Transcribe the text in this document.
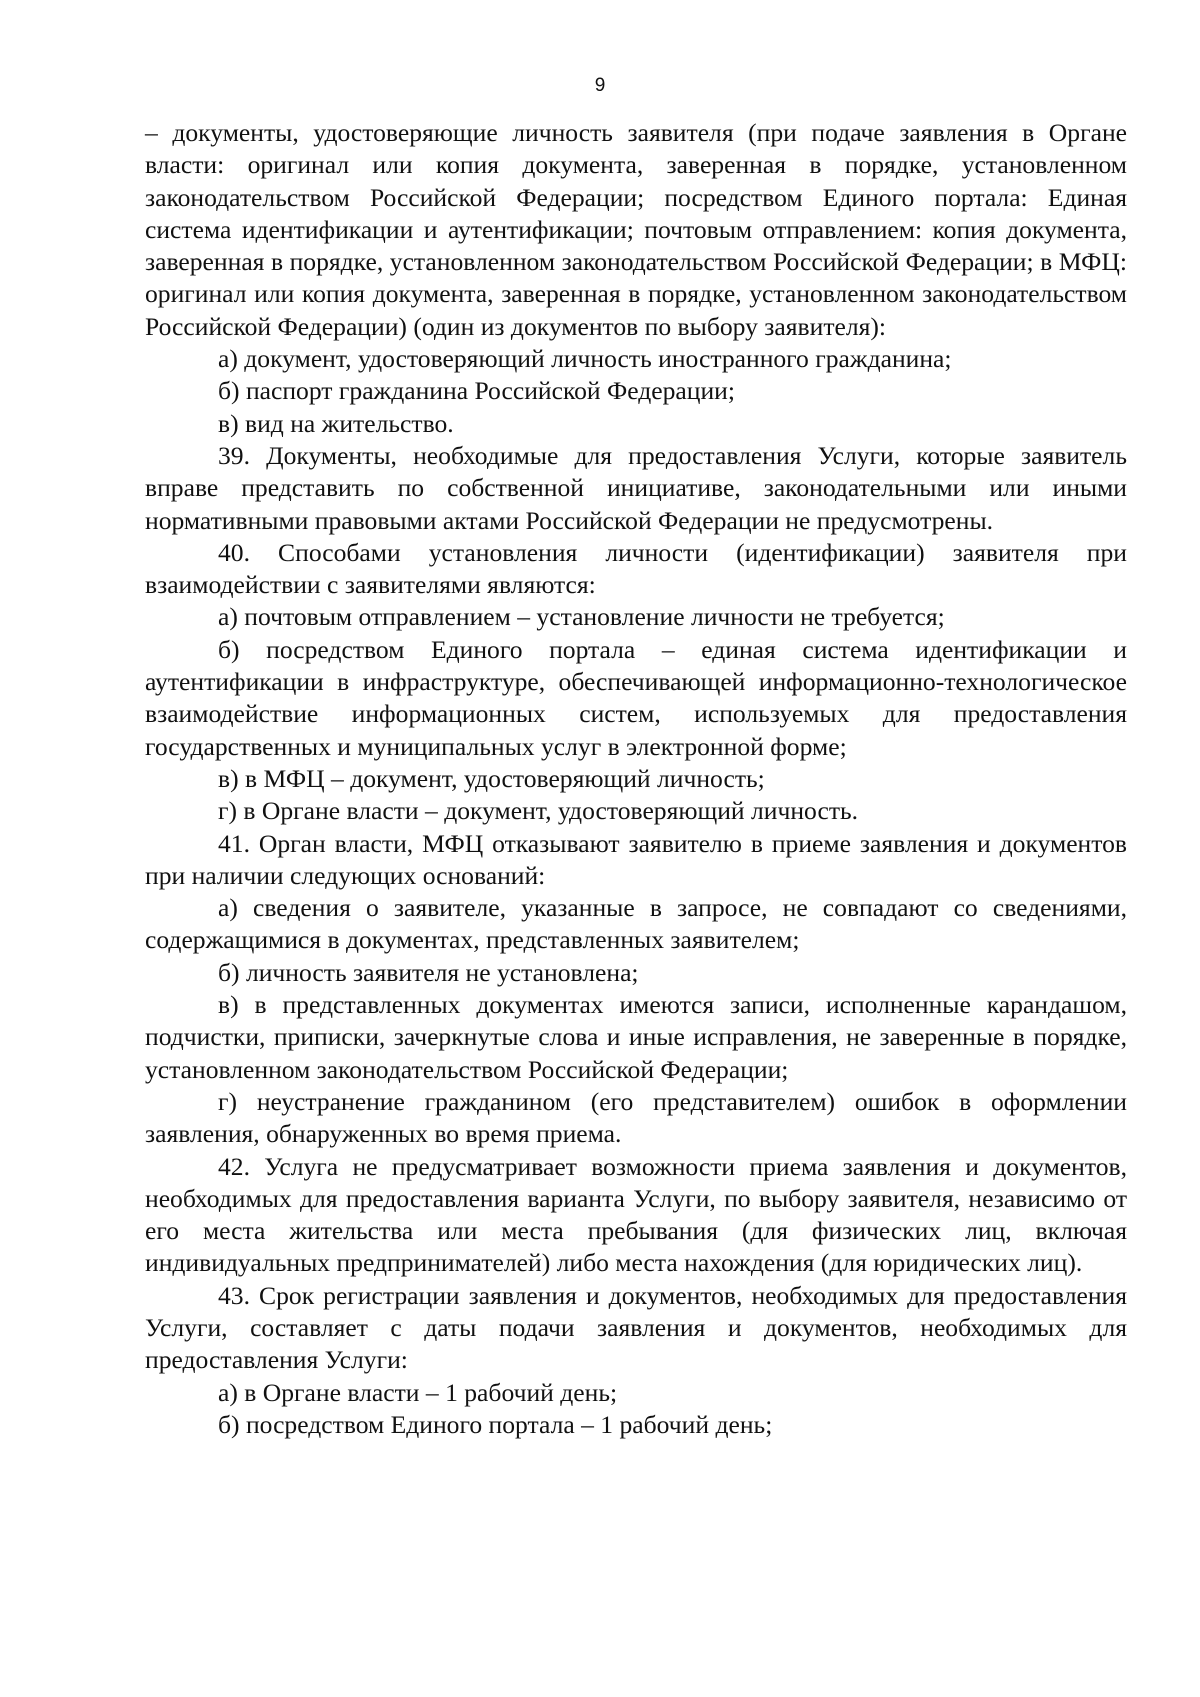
9

– документы, удостоверяющие личность заявителя (при подаче заявления в Органе власти: оригинал или копия документа, заверенная в порядке, установленном законодательством Российской Федерации; посредством Единого портала: Единая система идентификации и аутентификации; почтовым отправлением: копия документа, заверенная в порядке, установленном законодательством Российской Федерации; в МФЦ: оригинал или копия документа, заверенная в порядке, установленном законодательством Российской Федерации) (один из документов по выбору заявителя):

а) документ, удостоверяющий личность иностранного гражданина;

б) паспорт гражданина Российской Федерации;

в) вид на жительство.

39. Документы, необходимые для предоставления Услуги, которые заявитель вправе представить по собственной инициативе, законодательными или иными нормативными правовыми актами Российской Федерации не предусмотрены.

40. Способами установления личности (идентификации) заявителя при взаимодействии с заявителями являются:

а) почтовым отправлением – установление личности не требуется;

б) посредством Единого портала – единая система идентификации и аутентификации в инфраструктуре, обеспечивающей информационно-технологическое взаимодействие информационных систем, используемых для предоставления государственных и муниципальных услуг в электронной форме;

в) в МФЦ – документ, удостоверяющий личность;

г) в Органе власти – документ, удостоверяющий личность.

41. Орган власти, МФЦ отказывают заявителю в приеме заявления и документов при наличии следующих оснований:

а) сведения о заявителе, указанные в запросе, не совпадают со сведениями, содержащимися в документах, представленных заявителем;

б) личность заявителя не установлена;

в) в представленных документах имеются записи, исполненные карандашом, подчистки, приписки, зачеркнутые слова и иные исправления, не заверенные в порядке, установленном законодательством Российской Федерации;

г) неустранение гражданином (его представителем) ошибок в оформлении заявления, обнаруженных во время приема.

42. Услуга не предусматривает возможности приема заявления и документов, необходимых для предоставления варианта Услуги, по выбору заявителя, независимо от его места жительства или места пребывания (для физических лиц, включая индивидуальных предпринимателей) либо места нахождения (для юридических лиц).

43. Срок регистрации заявления и документов, необходимых для предоставления Услуги, составляет с даты подачи заявления и документов, необходимых для предоставления Услуги:

а) в Органе власти – 1 рабочий день;

б) посредством Единого портала – 1 рабочий день;
